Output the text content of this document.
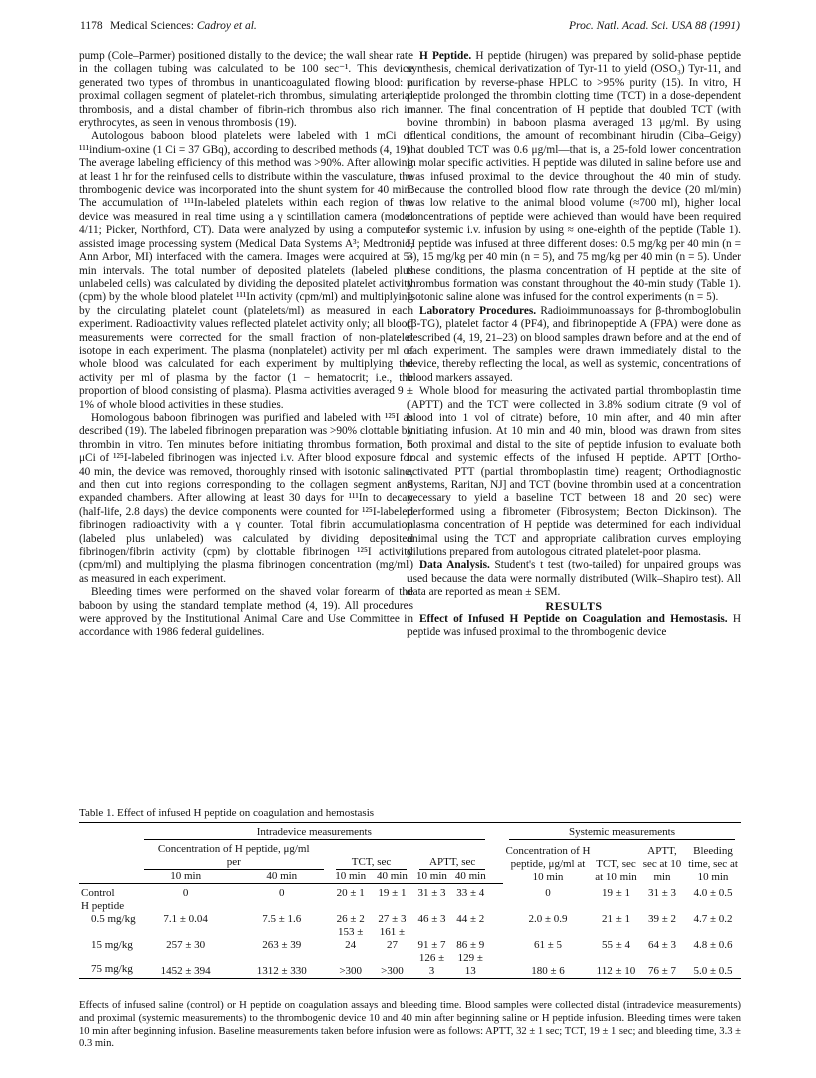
1178 Medical Sciences: Cadroy et al.	Proc. Natl. Acad. Sci. USA 88 (1991)

pump (Cole–Parmer) positioned distally to the device; the wall shear rate in the collagen tubing was calculated to be 100 sec⁻¹. This device generated two types of thrombus in unanticoagulated flowing blood: a proximal collagen segment of platelet-rich thrombus, simulating arterial thrombosis, and a distal chamber of fibrin-rich thrombus also rich in erythrocytes, as seen in venous thrombosis (19).

Autologous baboon blood platelets were labeled with 1 mCi of ¹¹¹indium-oxine (1 Ci = 37 GBq), according to described methods (4, 19). The average labeling efficiency of this method was >90%. After allowing at least 1 hr for the reinfused cells to distribute within the vasculature, the thrombogenic device was incorporated into the shunt system for 40 min. The accumulation of ¹¹¹In-labeled platelets within each region of the device was measured in real time using a γ scintillation camera (model 4/11; Picker, Northford, CT). Data were analyzed by using a computer-assisted image processing system (Medical Data Systems A³; Medtronic, Ann Arbor, MI) interfaced with the camera. Images were acquired at 5-min intervals. The total number of deposited platelets (labeled plus unlabeled cells) was calculated by dividing the deposited platelet activity (cpm) by the whole blood platelet ¹¹¹In activity (cpm/ml) and multiplying by the circulating platelet count (platelets/ml) as measured in each experiment. Radioactivity values reflected platelet activity only; all blood measurements were corrected for the small fraction of non-platelet isotope in each experiment. The plasma (nonplatelet) activity per ml of whole blood was calculated for each experiment by multiplying the activity per ml of plasma by the factor (1 − hematocrit; i.e., the proportion of blood consisting of plasma). Plasma activities averaged 9 ± 1% of whole blood activities in these studies.

Homologous baboon fibrinogen was purified and labeled with ¹²⁵I as described (19). The labeled fibrinogen preparation was >90% clottable by thrombin in vitro. Ten minutes before initiating thrombus formation, 5 μCi of ¹²⁵I-labeled fibrinogen was injected i.v. After blood exposure for 40 min, the device was removed, thoroughly rinsed with isotonic saline, and then cut into regions corresponding to the collagen segment and expanded chambers. After allowing at least 30 days for ¹¹¹In to decay (half-life, 2.8 days) the device components were counted for ¹²⁵I-labeled fibrinogen radioactivity with a γ counter. Total fibrin accumulation (labeled plus unlabeled) was calculated by dividing deposited fibrinogen/fibrin activity (cpm) by clottable fibrinogen ¹²⁵I activity (cpm/ml) and multiplying the plasma fibrinogen concentration (mg/ml) as measured in each experiment.

Bleeding times were performed on the shaved volar forearm of the baboon by using the standard template method (4, 19). All procedures were approved by the Institutional Animal Care and Use Committee in accordance with 1986 federal guidelines.

H Peptide. H peptide (hirugen) was prepared by solid-phase peptide synthesis, chemical derivatization of Tyr-11 to yield (OSO₃) Tyr-11, and purification by reverse-phase HPLC to >95% purity (15). In vitro, H peptide prolonged the thrombin clotting time (TCT) in a dose-dependent manner. The final concentration of H peptide that doubled TCT (with bovine thrombin) in baboon plasma averaged 13 μg/ml. By using identical conditions, the amount of recombinant hirudin (Ciba–Geigy) that doubled TCT was 0.6 μg/ml—that is, a 25-fold lower concentration in molar specific activities. H peptide was diluted in saline before use and was infused proximal to the device throughout the 40 min of study. Because the controlled blood flow rate through the device (20 ml/min) was low relative to the animal blood volume (≈700 ml), higher local concentrations of peptide were achieved than would have been required for systemic i.v. infusion by using ≈ one-eighth of the peptide (Table 1). H peptide was infused at three different doses: 0.5 mg/kg per 40 min (n = 3), 15 mg/kg per 40 min (n = 5), and 75 mg/kg per 40 min (n = 5). Under these conditions, the plasma concentration of H peptide at the site of thrombus formation was constant throughout the 40-min study (Table 1). Isotonic saline alone was infused for the control experiments (n = 5).

Laboratory Procedures. Radioimmunoassays for β-thromboglobulin (β-TG), platelet factor 4 (PF4), and fibrinopeptide A (FPA) were done as described (4, 19, 21–23) on blood samples drawn before and at the end of each experiment. The samples were drawn immediately distal to the device, thereby reflecting the local, as well as systemic, concentrations of blood markers assayed.

Whole blood for measuring the activated partial thromboplastin time (APTT) and the TCT were collected in 3.8% sodium citrate (9 vol of blood into 1 vol of citrate) before, 10 min after, and 40 min after initiating infusion. At 10 min and 40 min, blood was drawn from sites both proximal and distal to the site of peptide infusion to evaluate both local and systemic effects of the infused H peptide. APTT [Ortho-activated PTT (partial thromboplastin time) reagent; Orthodiagnostic Systems, Raritan, NJ] and TCT (bovine thrombin used at a concentration necessary to yield a baseline TCT between 18 and 20 sec) were performed using a fibrometer (Fibrosystem; Becton Dickinson). The plasma concentration of H peptide was determined for each individual animal using the TCT and appropriate calibration curves employing dilutions prepared from autologous citrated platelet-poor plasma.

Data Analysis. Student's t test (two-tailed) for unpaired groups was used because the data were normally distributed (Wilk–Shapiro test). All data are reported as mean ± SEM.

RESULTS

Effect of Infused H Peptide on Coagulation and Hemostasis. H peptide was infused proximal to the thrombogenic device

Table 1. Effect of infused H peptide on coagulation and hemostasis

	Intradevice measurements							Systemic measurements			

	Concentration of H peptide, μg/ml per		TCT, sec		APTT, sec			Concentration of H peptide, μg/ml at 10 min	TCT, sec at 10 min	APTT, sec at 10 min	Bleeding time, sec at 10 min
	10 min	40 min	10 min	40 min	10 min	40 min					
Control	0	0	20 ± 1	19 ± 1	31 ± 3	33 ± 4		0	19 ± 1	31 ± 3	4.0 ± 0.5
H peptide											
0.5 mg/kg	7.1 ± 0.04	7.5 ± 1.6	26 ± 2	27 ± 3	46 ± 3	44 ± 2		2.0 ± 0.9	21 ± 1	39 ± 2	4.7 ± 0.2
15 mg/kg	257 ± 30	263 ± 39	153 ± 24	161 ± 27	91 ± 7	86 ± 9		61 ± 5	55 ± 4	64 ± 3	4.8 ± 0.6
75 mg/kg	1452 ± 394	1312 ± 330	>300	>300	126 ± 3	129 ± 13		180 ± 6	112 ± 10	76 ± 7	5.0 ± 0.5
Effects of infused saline (control) or H peptide on coagulation assays and bleeding time. Blood samples were collected distal (intradevice measurements) and proximal (systemic measurements) to the thrombogenic device 10 and 40 min after beginning saline or H peptide infusion. Bleeding times were taken 10 min after beginning infusion. Baseline measurements taken before infusion were as follows: APTT, 32 ± 1 sec; TCT, 19 ± 1 sec; and bleeding time, 3.3 ± 0.3 min.
